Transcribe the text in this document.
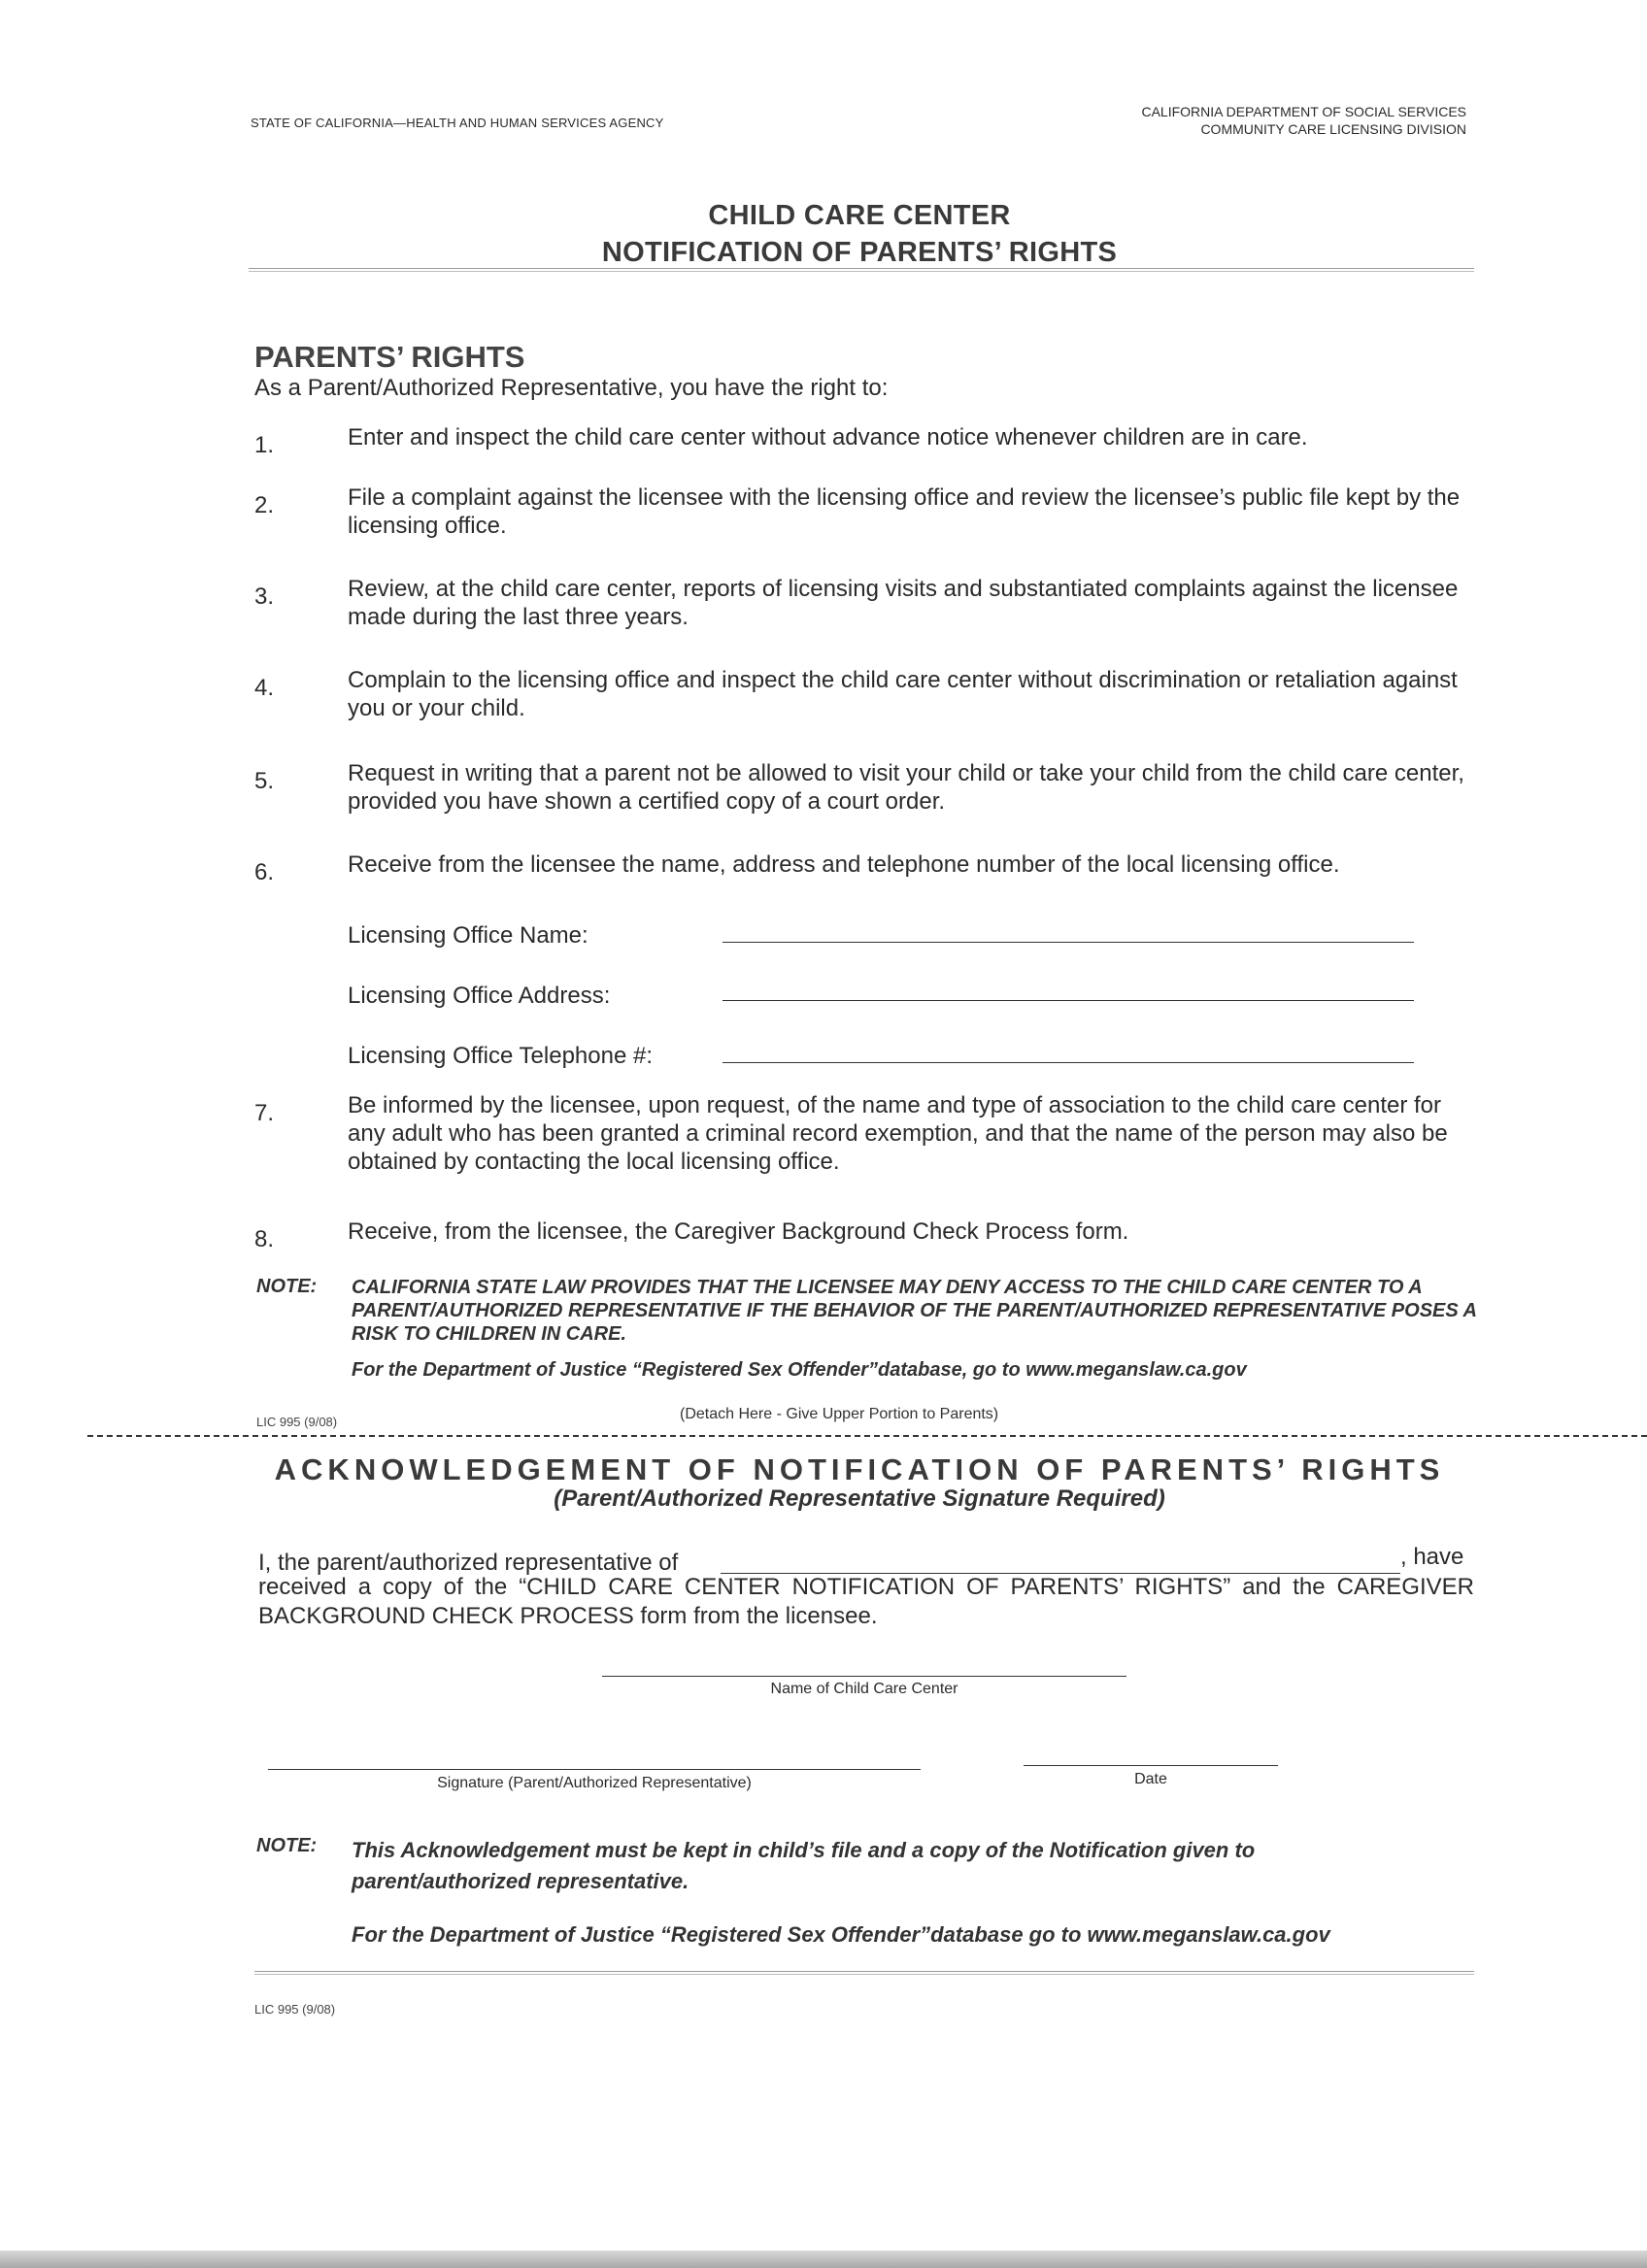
STATE OF CALIFORNIA—HEALTH AND HUMAN SERVICES AGENCY
CALIFORNIA DEPARTMENT OF SOCIAL SERVICES
COMMUNITY CARE LICENSING DIVISION
CHILD CARE CENTER
NOTIFICATION OF PARENTS’ RIGHTS
PARENTS’ RIGHTS
As a Parent/Authorized Representative, you have the right to:
1.	Enter and inspect the child care center without advance notice whenever children are in care.
2.	File a complaint against the licensee with the licensing office and review the licensee’s public file kept by the licensing office.
3.	Review, at the child care center, reports of licensing visits and substantiated complaints against the licensee made during the last three years.
4.	Complain to the licensing office and inspect the child care center without discrimination or retaliation against you or your child.
5.	Request in writing that a parent not be allowed to visit your child or take your child from the child care center, provided you have shown a certified copy of a court order.
6.	Receive from the licensee the name, address and telephone number of the local licensing office.
Licensing Office Name:
Licensing Office Address:
Licensing Office Telephone #:
7.	Be informed by the licensee, upon request, of the name and type of association to the child care center for any adult who has been granted a criminal record exemption, and that the name of the person may also be obtained by contacting the local licensing office.
8.	Receive, from the licensee, the Caregiver Background Check Process form.
NOTE: CALIFORNIA STATE LAW PROVIDES THAT THE LICENSEE MAY DENY ACCESS TO THE CHILD CARE CENTER TO A PARENT/AUTHORIZED REPRESENTATIVE IF THE BEHAVIOR OF THE PARENT/AUTHORIZED REPRESENTATIVE POSES A RISK TO CHILDREN IN CARE.
For the Department of Justice “Registered Sex Offender”database, go to www.meganslaw.ca.gov
LIC 995 (9/08)	(Detach Here - Give Upper Portion to Parents)
ACKNOWLEDGEMENT OF NOTIFICATION OF PARENTS’ RIGHTS
(Parent/Authorized Representative Signature Required)
I, the parent/authorized representative of	, have
received a copy of the “CHILD CARE CENTER NOTIFICATION OF PARENTS’ RIGHTS” and the CAREGIVER BACKGROUND CHECK PROCESS form from the licensee.
Name of Child Care Center
Signature (Parent/Authorized Representative)	Date
NOTE: This Acknowledgement must be kept in child’s file and a copy of the Notification given to parent/authorized representative.
For the Department of Justice “Registered Sex Offender”database go to www.meganslaw.ca.gov
LIC 995 (9/08)
